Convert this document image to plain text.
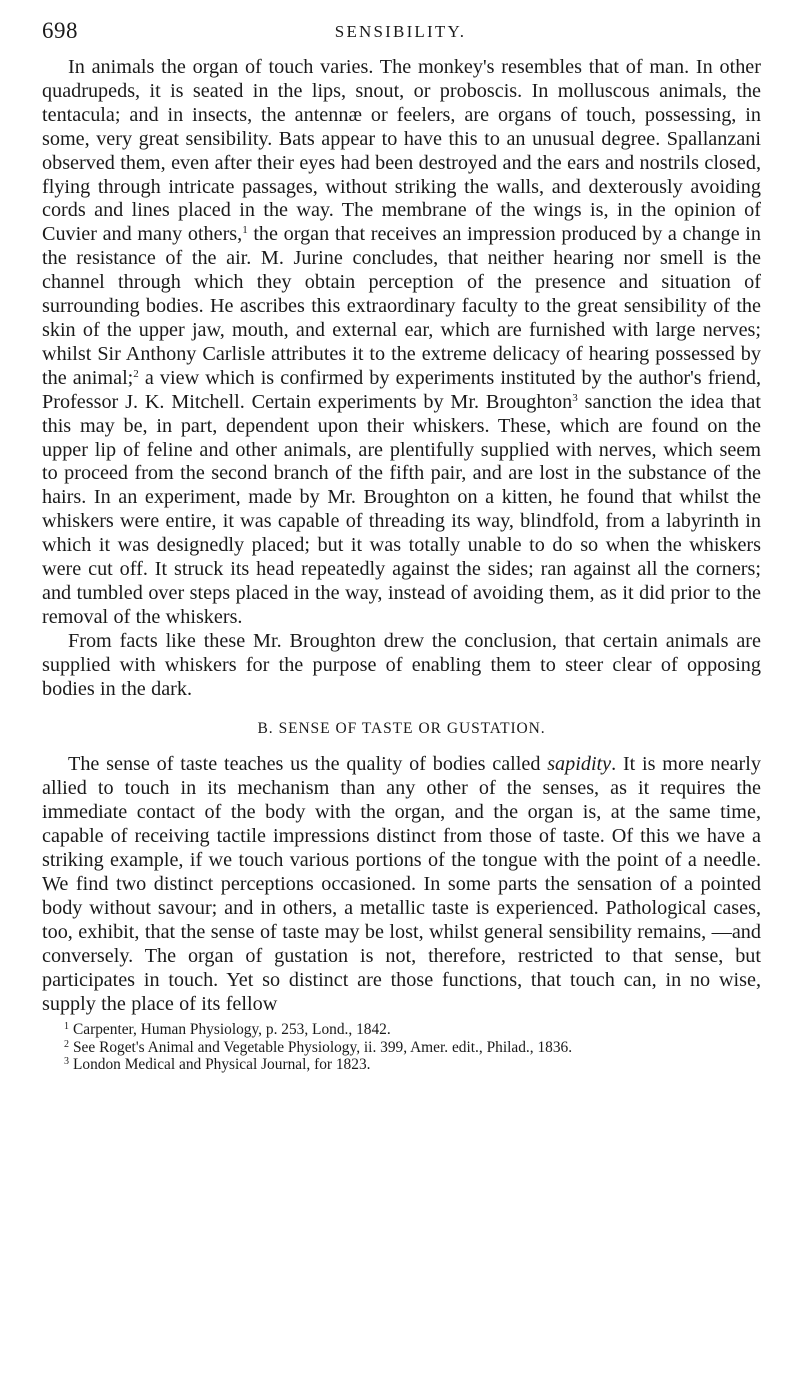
698	SENSIBILITY.

In animals the organ of touch varies. The monkey's resembles that of man. In other quadrupeds, it is seated in the lips, snout, or proboscis. In molluscous animals, the tentacula; and in insects, the antennæ or feelers, are organs of touch, possessing, in some, very great sensibility. Bats appear to have this to an unusual degree. Spallanzani observed them, even after their eyes had been destroyed and the ears and nostrils closed, flying through intricate passages, without striking the walls, and dexterously avoiding cords and lines placed in the way. The membrane of the wings is, in the opinion of Cuvier and many others,$^1$ the organ that receives an impression produced by a change in the resistance of the air. M. Jurine concludes, that neither hearing nor smell is the channel through which they obtain perception of the presence and situation of surrounding bodies. He ascribes this extraordinary faculty to the great sensibility of the skin of the upper jaw, mouth, and external ear, which are furnished with large nerves; whilst Sir Anthony Carlisle attributes it to the extreme delicacy of hearing possessed by the animal;$^2$ a view which is confirmed by experiments instituted by the author's friend, Professor J. K. Mitchell. Certain experiments by Mr. Broughton$^3$ sanction the idea that this may be, in part, dependent upon their whiskers. These, which are found on the upper lip of feline and other animals, are plentifully supplied with nerves, which seem to proceed from the second branch of the fifth pair, and are lost in the substance of the hairs. In an experiment, made by Mr. Broughton on a kitten, he found that whilst the whiskers were entire, it was capable of threading its way, blindfold, from a labyrinth in which it was designedly placed; but it was totally unable to do so when the whiskers were cut off. It struck its head repeatedly against the sides; ran against all the corners; and tumbled over steps placed in the way, instead of avoiding them, as it did prior to the removal of the whiskers.

From facts like these Mr. Broughton drew the conclusion, that certain animals are supplied with whiskers for the purpose of enabling them to steer clear of opposing bodies in the dark.

B. SENSE OF TASTE OR GUSTATION.

The sense of taste teaches us the quality of bodies called sapidity. It is more nearly allied to touch in its mechanism than any other of the senses, as it requires the immediate contact of the body with the organ, and the organ is, at the same time, capable of receiving tactile impressions distinct from those of taste. Of this we have a striking example, if we touch various portions of the tongue with the point of a needle. We find two distinct perceptions occasioned. In some parts the sensation of a pointed body without savour; and in others, a metallic taste is experienced. Pathological cases, too, exhibit, that the sense of taste may be lost, whilst general sensibility remains, —and conversely. The organ of gustation is not, therefore, restricted to that sense, but participates in touch. Yet so distinct are those functions, that touch can, in no wise, supply the place of its fellow

$^1$ Carpenter, Human Physiology, p. 253, Lond., 1842.

$^2$ See Roget's Animal and Vegetable Physiology, ii. 399, Amer. edit., Philad., 1836.

$^3$ London Medical and Physical Journal, for 1823.
